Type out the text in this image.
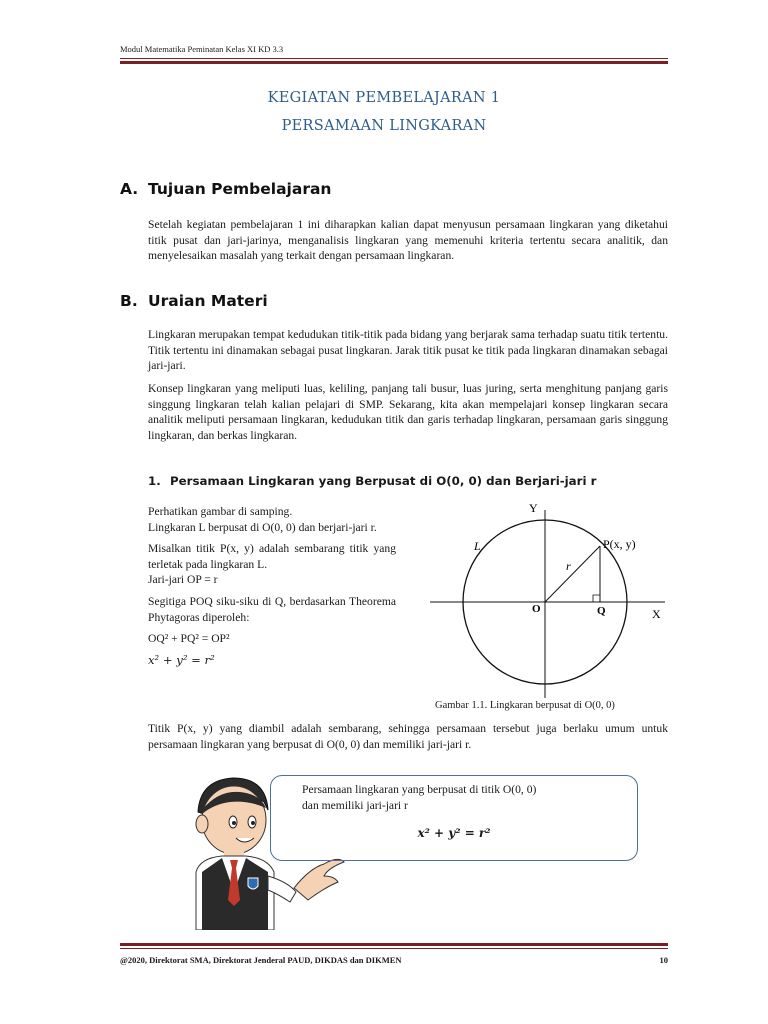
Modul Matematika Peminatan Kelas XI KD 3.3
KEGIATAN PEMBELAJARAN 1
PERSAMAAN LINGKARAN
A. Tujuan Pembelajaran
Setelah kegiatan pembelajaran 1 ini diharapkan kalian dapat menyusun persamaan lingkaran yang diketahui titik pusat dan jari-jarinya, menganalisis lingkaran yang memenuhi kriteria tertentu secara analitik, dan menyelesaikan masalah yang terkait dengan persamaan lingkaran.
B. Uraian Materi
Lingkaran merupakan tempat kedudukan titik-titik pada bidang yang berjarak sama terhadap suatu titik tertentu. Titik tertentu ini dinamakan sebagai pusat lingkaran. Jarak titik pusat ke titik pada lingkaran dinamakan sebagai jari-jari.
Konsep lingkaran yang meliputi luas, keliling, panjang tali busur, luas juring, serta menghitung panjang garis singgung lingkaran telah kalian pelajari di SMP. Sekarang, kita akan mempelajari konsep lingkaran secara analitik meliputi persamaan lingkaran, kedudukan titik dan garis terhadap lingkaran, persamaan garis singgung lingkaran, dan berkas lingkaran.
1. Persamaan Lingkaran yang Berpusat di O(0, 0) dan Berjari-jari r

Perhatikan gambar di samping.

Lingkaran L berpusat di O(0, 0) dan berjari-jari r.

Misalkan titik P(x, y) adalah sembarang titik yang terletak pada lingkaran L.

Jari-jari OP = r

Segitiga POQ siku-siku di Q, berdasarkan Theorema Phytagoras diperoleh:

OQ² + PQ² = OP²

x² + y² = r²

Y
X
O	Q
L
r
P(x, y)
Gambar 1.1. Lingkaran berpusat di O(0, 0)
Titik P(x, y) yang diambil adalah sembarang, sehingga persamaan tersebut juga berlaku umum untuk persamaan lingkaran yang berpusat di O(0, 0) dan memiliki jari-jari r.
Persamaan lingkaran yang berpusat di titik O(0, 0)
dan memiliki jari-jari r
x² + y² = r²
@2020, Direktorat SMA, Direktorat Jenderal PAUD, DIKDAS dan DIKMEN	10
